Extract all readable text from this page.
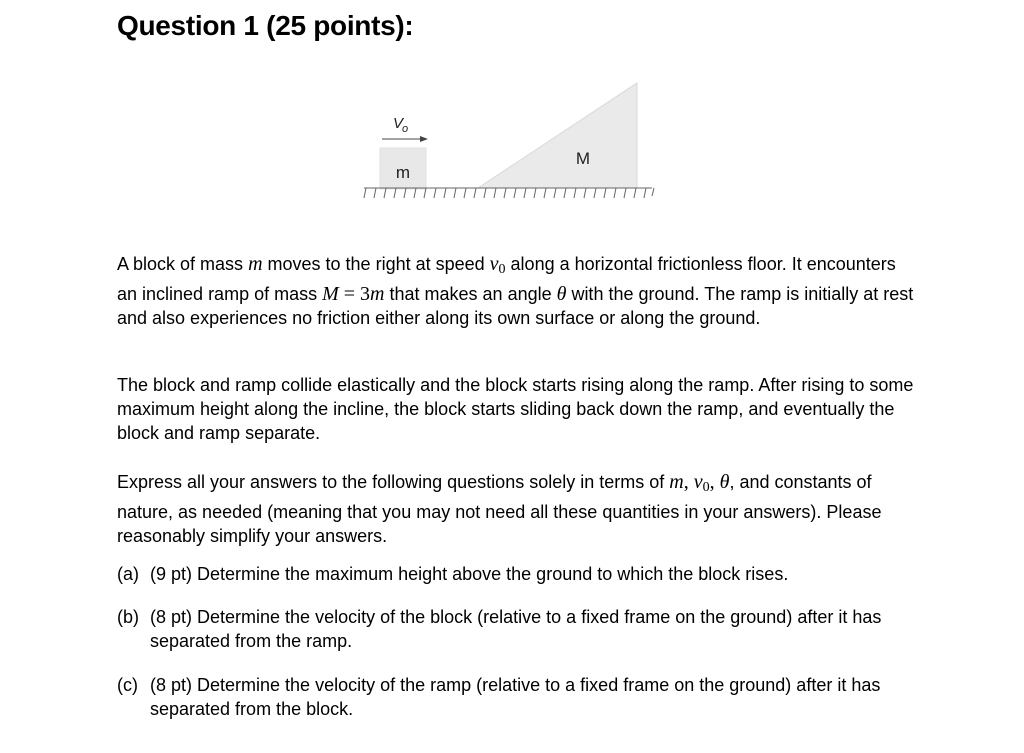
Question 1 (25 points):
V
o
m
M
A block of mass m moves to the right at speed $v_0$ along a horizontal frictionless floor. It encounters an inclined ramp of mass M = 3m that makes an angle θ with the ground. The ramp is initially at rest and also experiences no friction either along its own surface or along the ground.
The block and ramp collide elastically and the block starts rising along the ramp. After rising to some maximum height along the incline, the block starts sliding back down the ramp, and eventually the block and ramp separate.
Express all your answers to the following questions solely in terms of m, $v_0$, θ, and constants of nature, as needed (meaning that you may not need all these quantities in your answers). Please reasonably simplify your answers.
(a) (9 pt) Determine the maximum height above the ground to which the block rises.
(b) (8 pt) Determine the velocity of the block (relative to a fixed frame on the ground) after it has separated from the ramp.
(c) (8 pt) Determine the velocity of the ramp (relative to a fixed frame on the ground) after it has separated from the block.
